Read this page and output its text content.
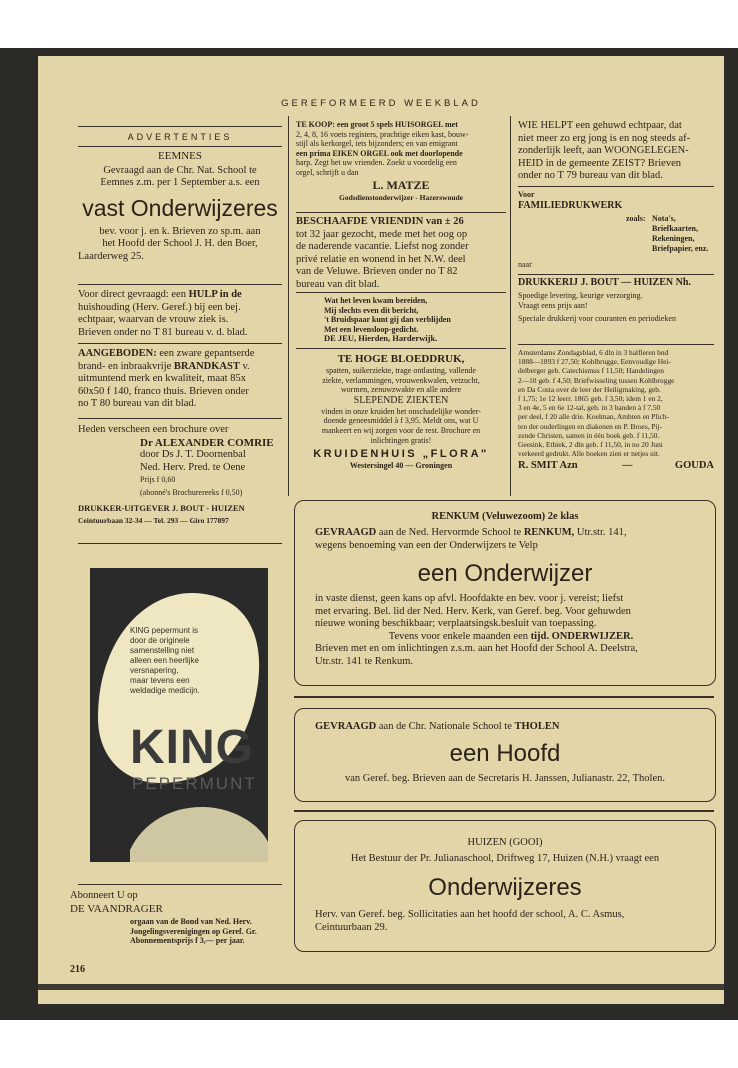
GEREFORMEERD WEEKBLAD
ADVERTENTIES
EEMNES
Gevraagd aan de Chr. Nat. School te
Eemnes z.m. per 1 September a.s. een
vast Onderwijzeres
bev. voor j. en k. Brieven zo sp.m. aan
het Hoofd der School J. H. den Boer,
Laarderweg 25.
Voor direct gevraagd: een HULP in de
huishouding (Herv. Geref.) bij een bej.
echtpaar, waarvan de vrouw ziek is.
Brieven onder no T 81 bureau v. d. blad.
AANGEBODEN: een zware gepantserde
brand- en inbraakvrije BRANDKAST v.
uitmuntend merk en kwaliteit, maat 85x
60x50 f 140, franco thuis. Brieven onder
no T 80 bureau van dit blad.
Heden verscheen een brochure over
Dr ALEXANDER COMRIE
door Ds J. T. Doornenbal
Ned. Herv. Pred. te Oene
Prijs f 0,60
(abonné's Brochurereeks f 0,50)
DRUKKER-UITGEVER J. BOUT - HUIZEN
Ceintuurbaan 32-34 — Tel. 293 — Giro 177897
KING pepermunt is
door de originele
samenstelling niet
alleen een heerlijke
versnapering,
maar tevens een
weldadige medicijn.
KING
PEPERMUNT
Abonneert U op
DE VAANDRAGER
orgaan van de Bond van Ned. Herv.
Jongelingsverenigingen op Geref. Gr.
Abonnementsprijs f 3,— per jaar.
216
TE KOOP: een groot 5 spels HUISORGEL met
2, 4, 8, 16 voets registers, prachtige eiken kast, bouw-
stijl als kerkorgel, iets bijzonders; en van emigrant
een prima EIKEN ORGEL ook met doorlopende
harp. Zegt het uw vrienden. Zoekt u voordelig een
orgel, schrijft u dan
L. MATZE
Godsdienstonderwijzer - Hazerswoude
BESCHAAFDE VRIENDIN van ± 26
tot 32 jaar gezocht, mede met het oog op
de naderende vacantie. Liefst nog zonder
privé relatie en wonend in het N.W. deel
van de Veluwe. Brieven onder no T 82
bureau van dit blad.
Wat het leven kwam bereiden,
Mij slechts even dit bericht,
't Bruidspaar kunt gij dan verblijden
Met een levensloop-gedicht.
DE JEU, Hierden, Harderwijk.
TE HOGE BLOEDDRUK,
spatten, suikerziekte, trage ontlasting, vallende
ziekte, verlammingen, vrouwenkwalen, vetzucht,
wormen, zenuwzwakte en alle andere
SLEPENDE ZIEKTEN
vinden in onze kruiden het onschadelijke wonder-
doende geneesmiddel à f 3,95. Meldt ons, wat U
mankeert en wij zorgen voor de rest. Brochure en
inlichtingen gratis!
KRUIDENHUIS „FLORA"
Westersingel 40 — Groningen
WIE HELPT een gehuwd echtpaar, dat
niet meer zo erg jong is en nog steeds af-
zonderlijk leeft, aan WOONGELEGEN-
HEID in de gemeente ZEIST? Brieven
onder no T 79 bureau van dit blad.
Voor
FAMILIEDRUKWERK
zoals: Nota's,
Briefkaarten,
Rekeningen,
Briefpapier, enz.
naar
DRUKKERIJ J. BOUT — HUIZEN Nh.
Spoedige levering, keurige verzorging.
Vraagt eens prijs aan!
Speciale drukkerij voor couranten en periodieken
Amsterdams Zondagsblad, 6 dln in 3 halfleren bnd
1888—1893 f 27,50; Kohlbrugge, Eenvoudige Hei-
delberger geb. Catechismus f 11,50; Handelingen
2—10 geb. f 4,50; Briefwisseling tussen Kohlbrugge
en Da Costa over de leer der Heiligmaking, geb.
f 1,75; 1e 12 leerr. 1865 geb. f 3,50; idem 1 en 2,
3 en 4e, 5 en 6e 12-tal, geb. in 3 banden à f 7,50
per deel, f 20 alle drie. Koelman, Ambten en Plich-
ten der ouderlingen en diakenen en P. Broes, Pij-
zende Christen, samen in één boek geb. f 11,50.
Geesink, Ethiek, 2 dln geb. f 11,50, in no 20 Juni
verkeerd gedrukt. Alle boeken zien er netjes uit.
R. SMIT Azn	—	GOUDA
RENKUM (Veluwezoom) 2e klas
GEVRAAGD aan de Ned. Hervormde School te RENKUM, Utr.str. 141,
wegens benoeming van een der Onderwijzers te Velp
een Onderwijzer
in vaste dienst, geen kans op afvl. Hoofdakte en bev. voor j. vereist; liefst
met ervaring. Bel. lid der Ned. Herv. Kerk, van Geref. beg. Voor gehuwden
nieuwe woning beschikbaar; verplaatsingsk.besluit van toepassing.
Tevens voor enkele maanden een tijd. ONDERWIJZER.
Brieven met en om inlichtingen z.s.m. aan het Hoofd der School A. Deelstra,
Utr.str. 141 te Renkum.
GEVRAAGD aan de Chr. Nationale School te THOLEN
een Hoofd
van Geref. beg. Brieven aan de Secretaris H. Janssen, Julianastr. 22, Tholen.
HUIZEN (GOOI)
Het Bestuur der Pr. Julianaschool, Driftweg 17, Huizen (N.H.) vraagt een
Onderwijzeres
Herv. van Geref. beg. Sollicitaties aan het hoofd der school, A. C. Asmus,
Ceintuurbaan 29.
